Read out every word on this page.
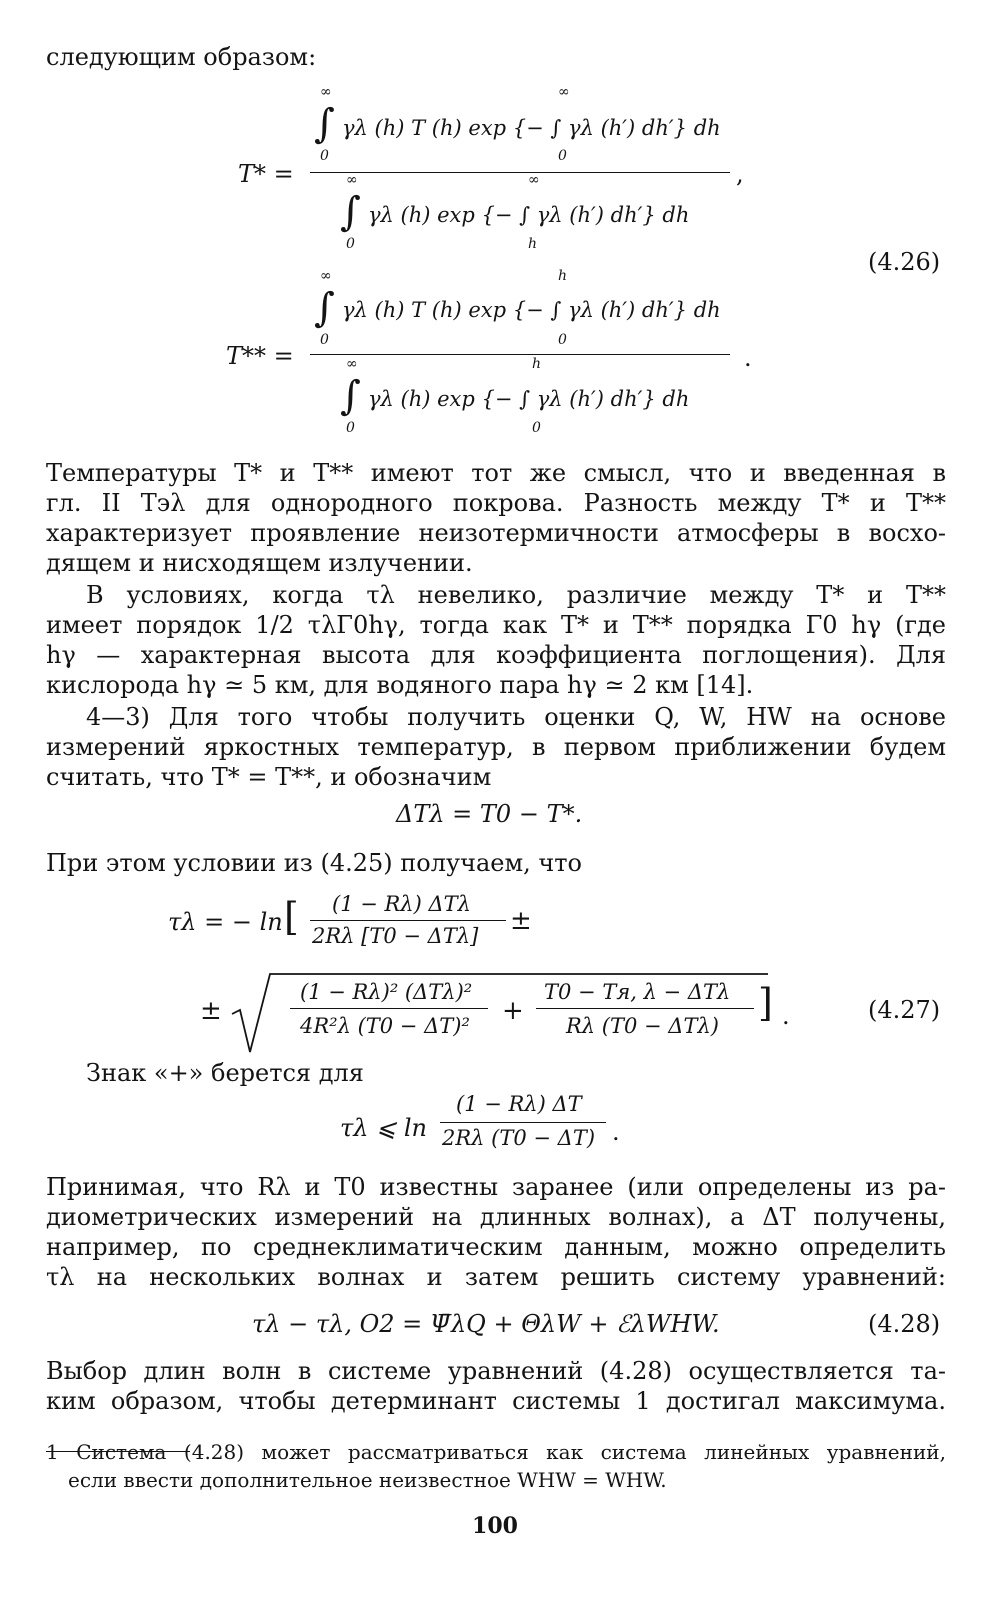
следующим образом:
T* =	,
∫
∞
0
γλ (h) T (h) exp {− ∫ γλ (h′) dh′} dh
∞
0
∫
∞
0
γλ (h) exp {− ∫ γλ (h′) dh′} dh
∞
h
(4.26)
T** =	.
∫
∞
0
γλ (h) T (h) exp {− ∫ γλ (h′) dh′} dh
h
0
∫
∞
0
γλ (h) exp {− ∫ γλ (h′) dh′} dh
h
0
Температуры T* и T** имеют тот же смысл, что и введенная в
гл. II Tэλ для однородного покрова. Разность между T* и T**
характеризует проявление неизотермичности атмосферы в восхо-
дящем и нисходящем излучении.
В условиях, когда τλ невелико, различие между T* и T**
имеет порядок 1/2 τλΓ0hγ, тогда как T* и T** порядка Γ0 hγ (где
hγ — характерная высота для коэффициента поглощения). Для
кислорода hγ ≃ 5 км, для водяного пара hγ ≃ 2 км [14].
4—3) Для того чтобы получить оценки Q, W, HW на основе
измерений яркостных температур, в первом приближении будем
считать, что T* = T**, и обозначим
ΔTλ = T0 − T*.
При этом условии из (4.25) получаем, что
τλ = − ln [ (1 − Rλ) ΔTλ
2Rλ [T0 − ΔTλ] ±
±
(1 − Rλ)² (ΔTλ)²
4R²λ (T0 − ΔT)² +
T0 − Tя, λ − ΔTλ
Rλ (T0 − ΔTλ)
] .	(4.27)
Знак «+» берется для
τλ ⩽ ln
(1 − Rλ) ΔT
2Rλ (T0 − ΔT) .
Принимая, что Rλ и T0 известны заранее (или определены из ра-
диометрических измерений на длинных волнах), а ΔT получены,
например, по среднеклиматическим данным, можно определить
τλ на нескольких волнах и затем решить систему уравнений:
τλ − τλ, O2 = Ψ̄λQ + ΘλW + ℰλWHW.	(4.28)
Выбор длин волн в системе уравнений (4.28) осуществляется та-
ким образом, чтобы детерминант системы 1 достигал максимума.
1 Система (4.28) может рассматриваться как система линейных уравнений,
если ввести дополнительное неизвестное WHW = WHW.
100
